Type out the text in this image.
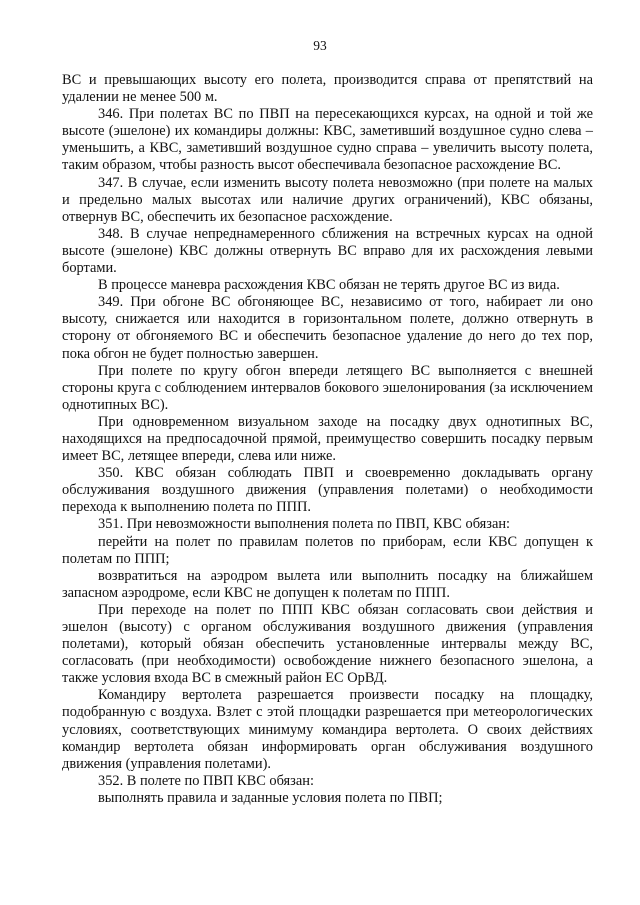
93

ВС и превышающих высоту его полета, производится справа от препятствий на удалении не менее 500 м.

346. При полетах ВС по ПВП на пересекающихся курсах, на одной и той же высоте (эшелоне) их командиры должны: КВС, заметивший воздушное судно слева – уменьшить, а КВС, заметивший воздушное судно справа – увеличить высоту полета, таким образом, чтобы разность высот обеспечивала безопасное расхождение ВС.

347. В случае, если изменить высоту полета невозможно (при полете на малых и предельно малых высотах или наличие других ограничений), КВС обязаны, отвернув ВС, обеспечить их безопасное расхождение.

348. В случае непреднамеренного сближения на встречных курсах на одной высоте (эшелоне) КВС должны отвернуть ВС вправо для их расхождения левыми бортами.

В процессе маневра расхождения КВС обязан не терять другое ВС из вида.

349. При обгоне ВС обгоняющее ВС, независимо от того, набирает ли оно высоту, снижается или находится в горизонтальном полете, должно отвернуть в сторону от обгоняемого ВС и обеспечить безопасное удаление до него до тех пор, пока обгон не будет полностью завершен.

При полете по кругу обгон впереди летящего ВС выполняется с внешней стороны круга с соблюдением интервалов бокового эшелонирования (за исключением однотипных ВС).

При одновременном визуальном заходе на посадку двух однотипных ВС, находящихся на предпосадочной прямой, преимущество совершить посадку первым имеет ВС, летящее впереди, слева или ниже.

350. КВС обязан соблюдать ПВП и своевременно докладывать органу обслуживания воздушного движения (управления полетами) о необходимости перехода к выполнению полета по ППП.

351. При невозможности выполнения полета по ПВП, КВС обязан:

перейти на полет по правилам полетов по приборам, если КВС допущен к полетам по ППП;

возвратиться на аэродром вылета или выполнить посадку на ближайшем запасном аэродроме, если КВС не допущен к полетам по ППП.

При переходе на полет по ППП КВС обязан согласовать свои действия и эшелон (высоту) с органом обслуживания воздушного движения (управления полетами), который обязан обеспечить установленные интервалы между ВС, согласовать (при необходимости) освобождение нижнего безопасного эшелона, а также условия входа ВС в смежный район ЕС ОрВД.

Командиру вертолета разрешается произвести посадку на площадку, подобранную с воздуха. Взлет с этой площадки разрешается при метеорологических условиях, соответствующих минимуму командира вертолета. О своих действиях командир вертолета обязан информировать орган обслуживания воздушного движения (управления полетами).

352. В полете по ПВП КВС обязан:

выполнять правила и заданные условия полета по ПВП;
